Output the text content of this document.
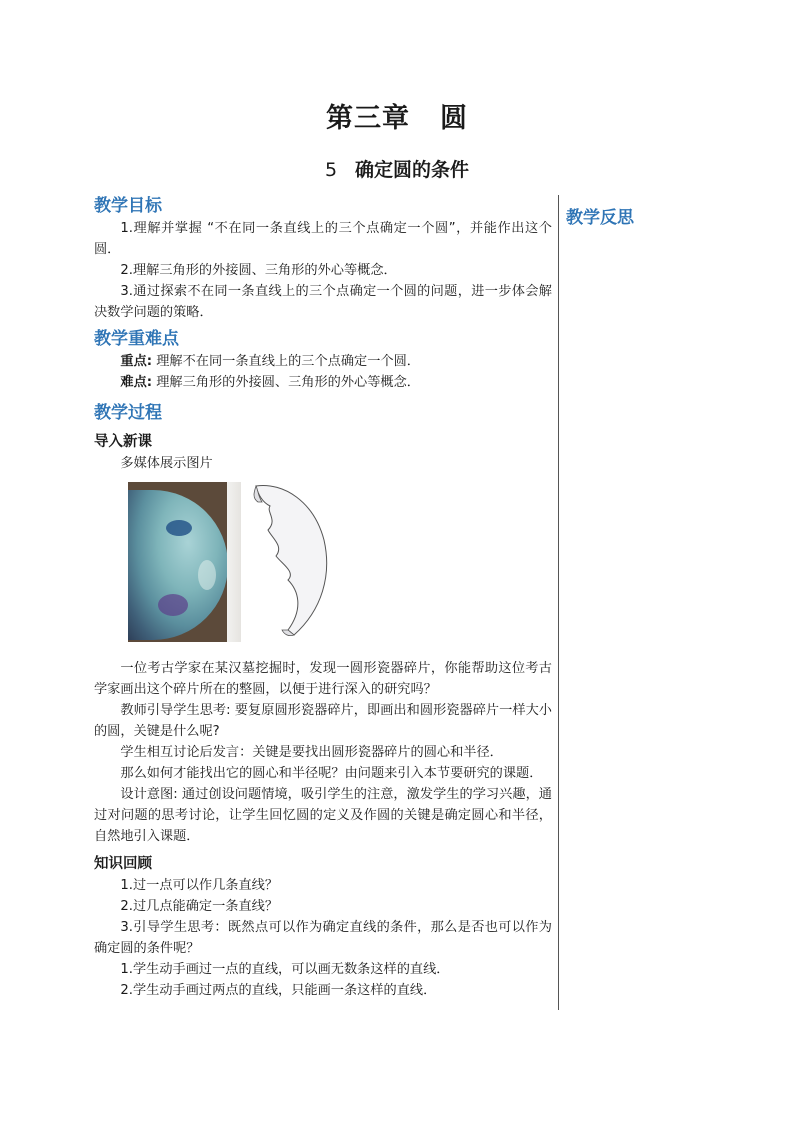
第三章 圆
5 确定圆的条件
教学反思
教学目标

1.理解并掌握 “不在同一条直线上的三个点确定一个圆”，并能作出这个圆．

2.理解三角形的外接圆、三角形的外心等概念．

3.通过探索不在同一条直线上的三个点确定一个圆的问题，进一步体会解决数学问题的策略．

教学重难点

重点: 理解不在同一条直线上的三个点确定一个圆．

难点: 理解三角形的外接圆、三角形的外心等概念．

教学过程
导入新课

多媒体展示图片

一位考古学家在某汉墓挖掘时，发现一圆形瓷器碎片，你能帮助这位考古学家画出这个碎片所在的整圆，以便于进行深入的研究吗？

教师引导学生思考: 要复原圆形瓷器碎片，即画出和圆形瓷器碎片一样大小的圆，关键是什么呢?

学生相互讨论后发言：关键是要找出圆形瓷器碎片的圆心和半径．

那么如何才能找出它的圆心和半径呢？由问题来引入本节要研究的课题．

设计意图: 通过创设问题情境，吸引学生的注意，激发学生的学习兴趣，通过对问题的思考讨论，让学生回忆圆的定义及作圆的关键是确定圆心和半径，自然地引入课题．

知识回顾

1.过一点可以作几条直线？

2.过几点能确定一条直线？

3.引导学生思考：既然点可以作为确定直线的条件，那么是否也可以作为确定圆的条件呢？

1.学生动手画过一点的直线，可以画无数条这样的直线．

2.学生动手画过两点的直线，只能画一条这样的直线．
